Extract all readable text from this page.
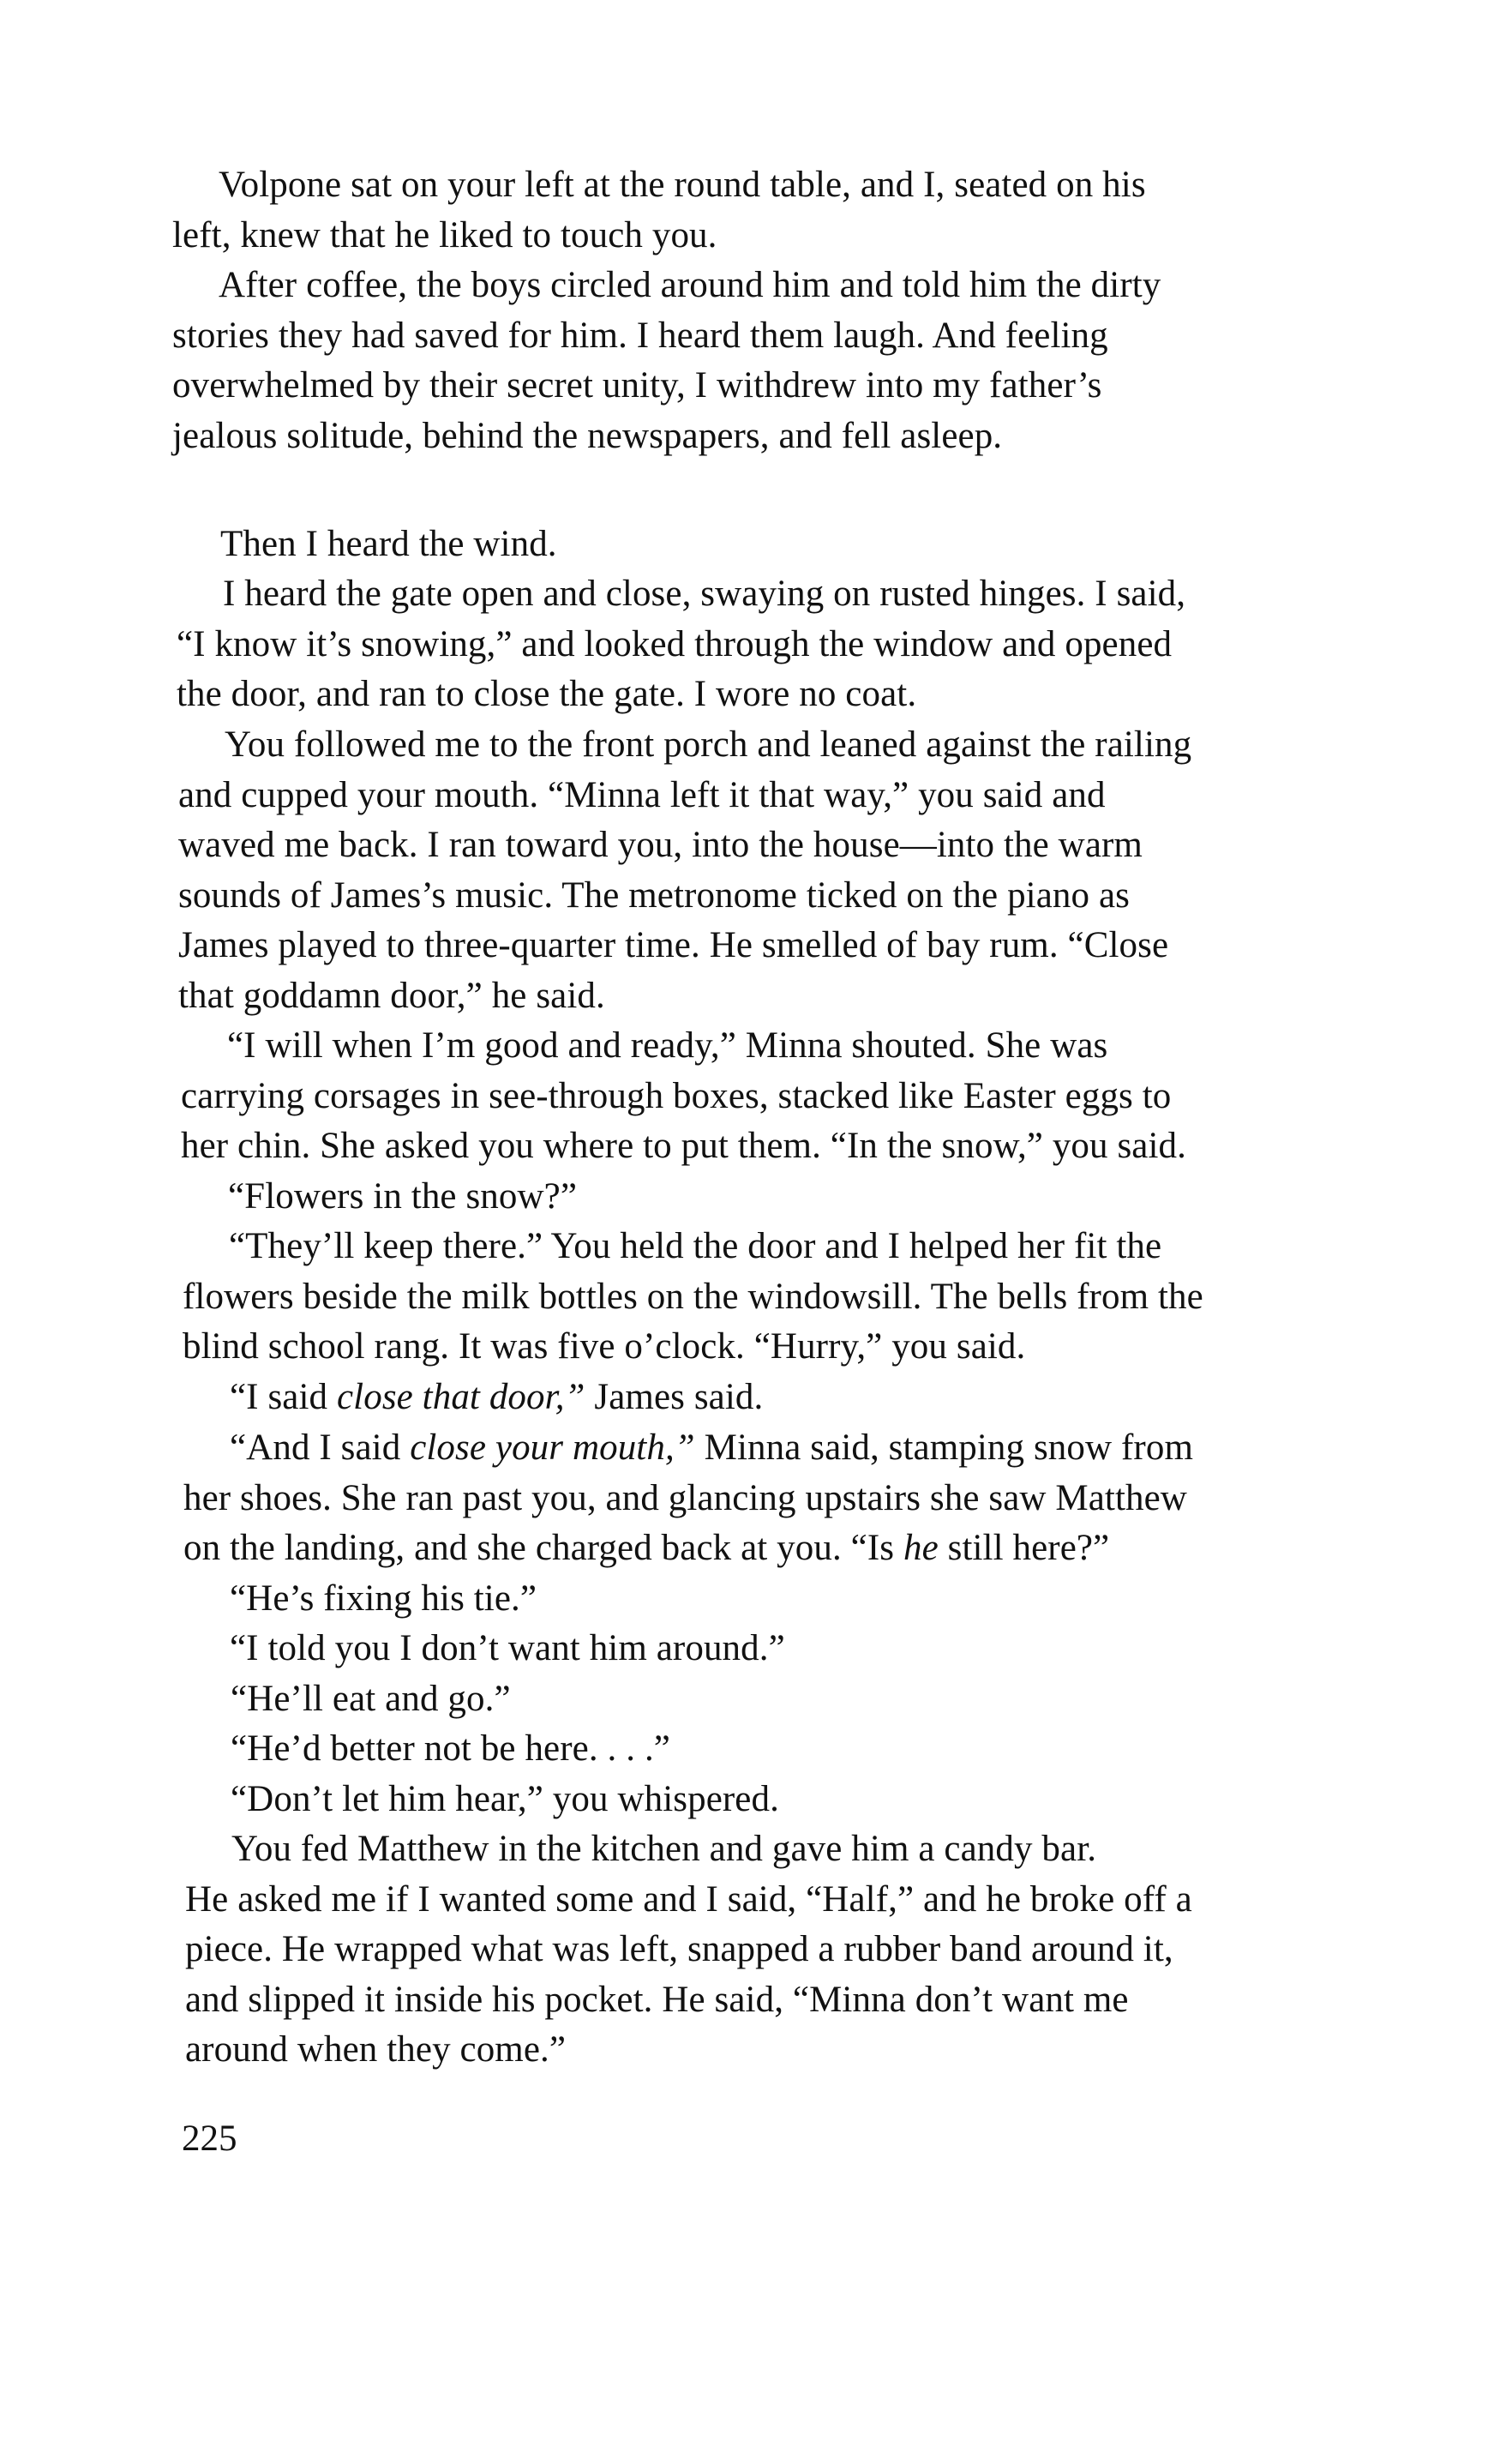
Volpone sat on your left at the round table, and I, seated on his
left, knew that he liked to touch you.

After coffee, the boys circled around him and told him the dirty
stories they had saved for him. I heard them laugh. And feeling
overwhelmed by their secret unity, I withdrew into my father’s
jealous solitude, behind the newspapers, and fell asleep.

Then I heard the wind.

I heard the gate open and close, swaying on rusted hinges. I said,
“I know it’s snowing,” and looked through the window and opened
the door, and ran to close the gate. I wore no coat.

You followed me to the front porch and leaned against the railing
and cupped your mouth. “Minna left it that way,” you said and
waved me back. I ran toward you, into the house—into the warm
sounds of James’s music. The metronome ticked on the piano as
James played to three-quarter time. He smelled of bay rum. “Close
that goddamn door,” he said.

“I will when I’m good and ready,” Minna shouted. She was
carrying corsages in see-through boxes, stacked like Easter eggs to
her chin. She asked you where to put them. “In the snow,” you said.

“Flowers in the snow?”

“They’ll keep there.” You held the door and I helped her fit the
flowers beside the milk bottles on the windowsill. The bells from the
blind school rang. It was five o’clock. “Hurry,” you said.

“I said close that door,” James said.

“And I said close your mouth,” Minna said, stamping snow from
her shoes. She ran past you, and glancing upstairs she saw Matthew
on the landing, and she charged back at you. “Is he still here?”

“He’s fixing his tie.”

“I told you I don’t want him around.”

“He’ll eat and go.”

“He’d better not be here. . . .”

“Don’t let him hear,” you whispered.

You fed Matthew in the kitchen and gave him a candy bar.
He asked me if I wanted some and I said, “Half,” and he broke off a
piece. He wrapped what was left, snapped a rubber band around it,
and slipped it inside his pocket. He said, “Minna don’t want me
around when they come.”

225
